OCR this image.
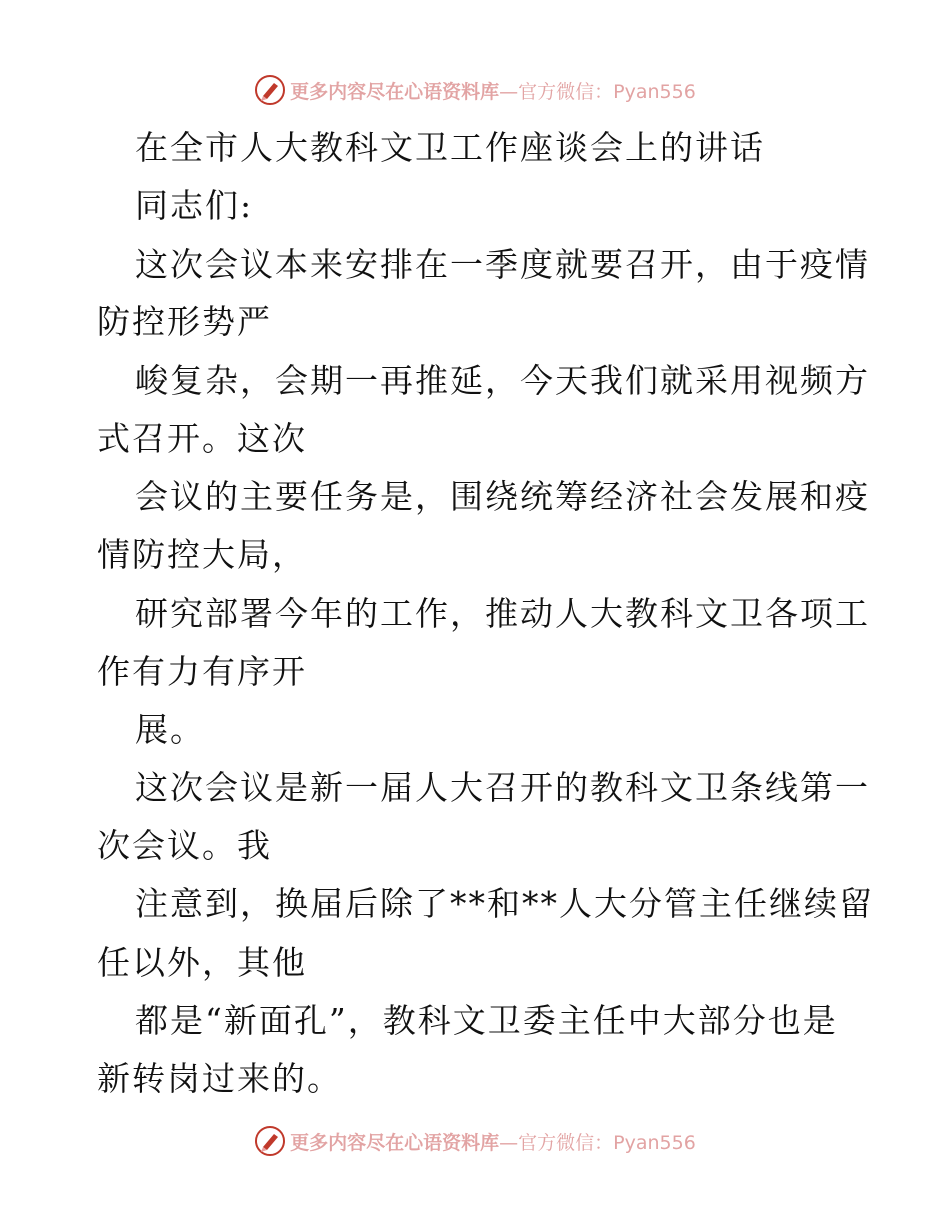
更多内容尽在心语资料库—官方微信：Pyan556
在全市人大教科文卫工作座谈会上的讲话
同志们:
这次会议本来安排在一季度就要召开，由于疫情
防控形势严
峻复杂，会期一再推延，今天我们就采用视频方
式召开。这次
会议的主要任务是，围绕统筹经济社会发展和疫
情防控大局，
研究部署今年的工作，推动人大教科文卫各项工
作有力有序开
展。
这次会议是新一届人大召开的教科文卫条线第一
次会议。我
注意到，换届后除了**和**人大分管主任继续留
任以外，其他
都是“新面孔”，教科文卫委主任中大部分也是
新转岗过来的。
更多内容尽在心语资料库—官方微信：Pyan556
